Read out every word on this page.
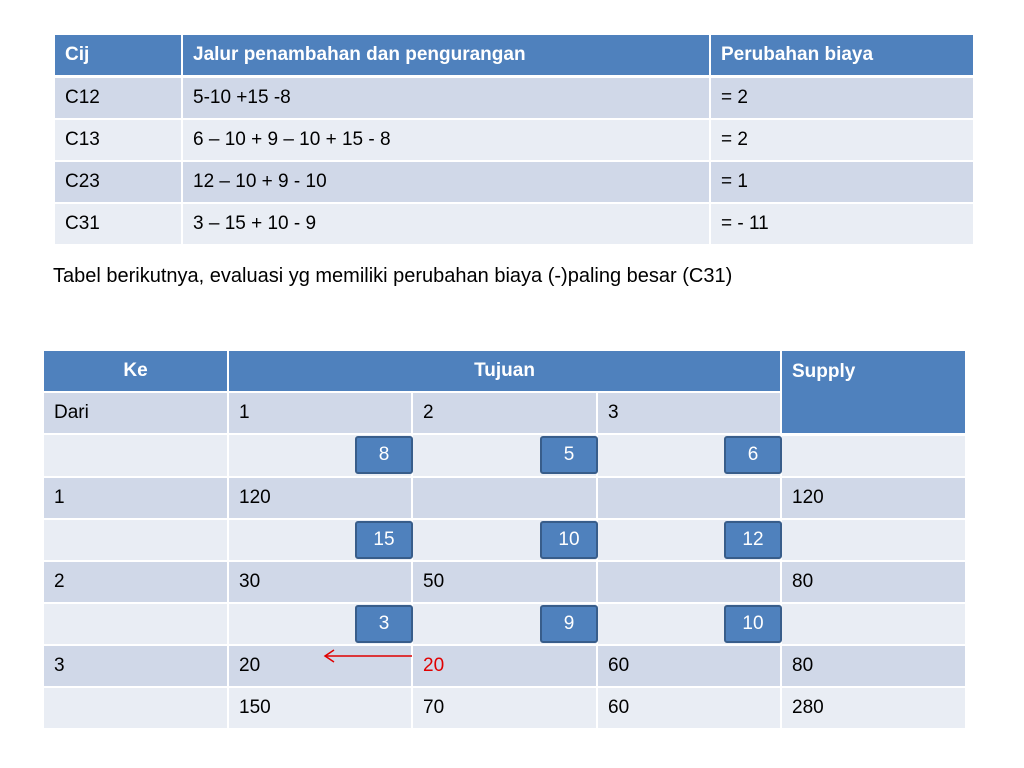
Cij	Jalur penambahan dan pengurangan	Perubahan biaya
C12	5-10 +15 -8	= 2
C13	6 – 10 + 9 – 10 + 15 - 8	= 2
C23	12 – 10 + 9 - 10	= 1
C31	3 – 15 + 10 - 9	= - 11
Tabel berikutnya, evaluasi yg memiliki perubahan biaya (-)paling besar (C31)
Ke	Tujuan			Supply
Dari	1	2	3	

	8	5	6	

1	120			120

	15	10	12	

2	30	50		80

	3	9	10	

3	20	20	60	80
	150	70	60	280
